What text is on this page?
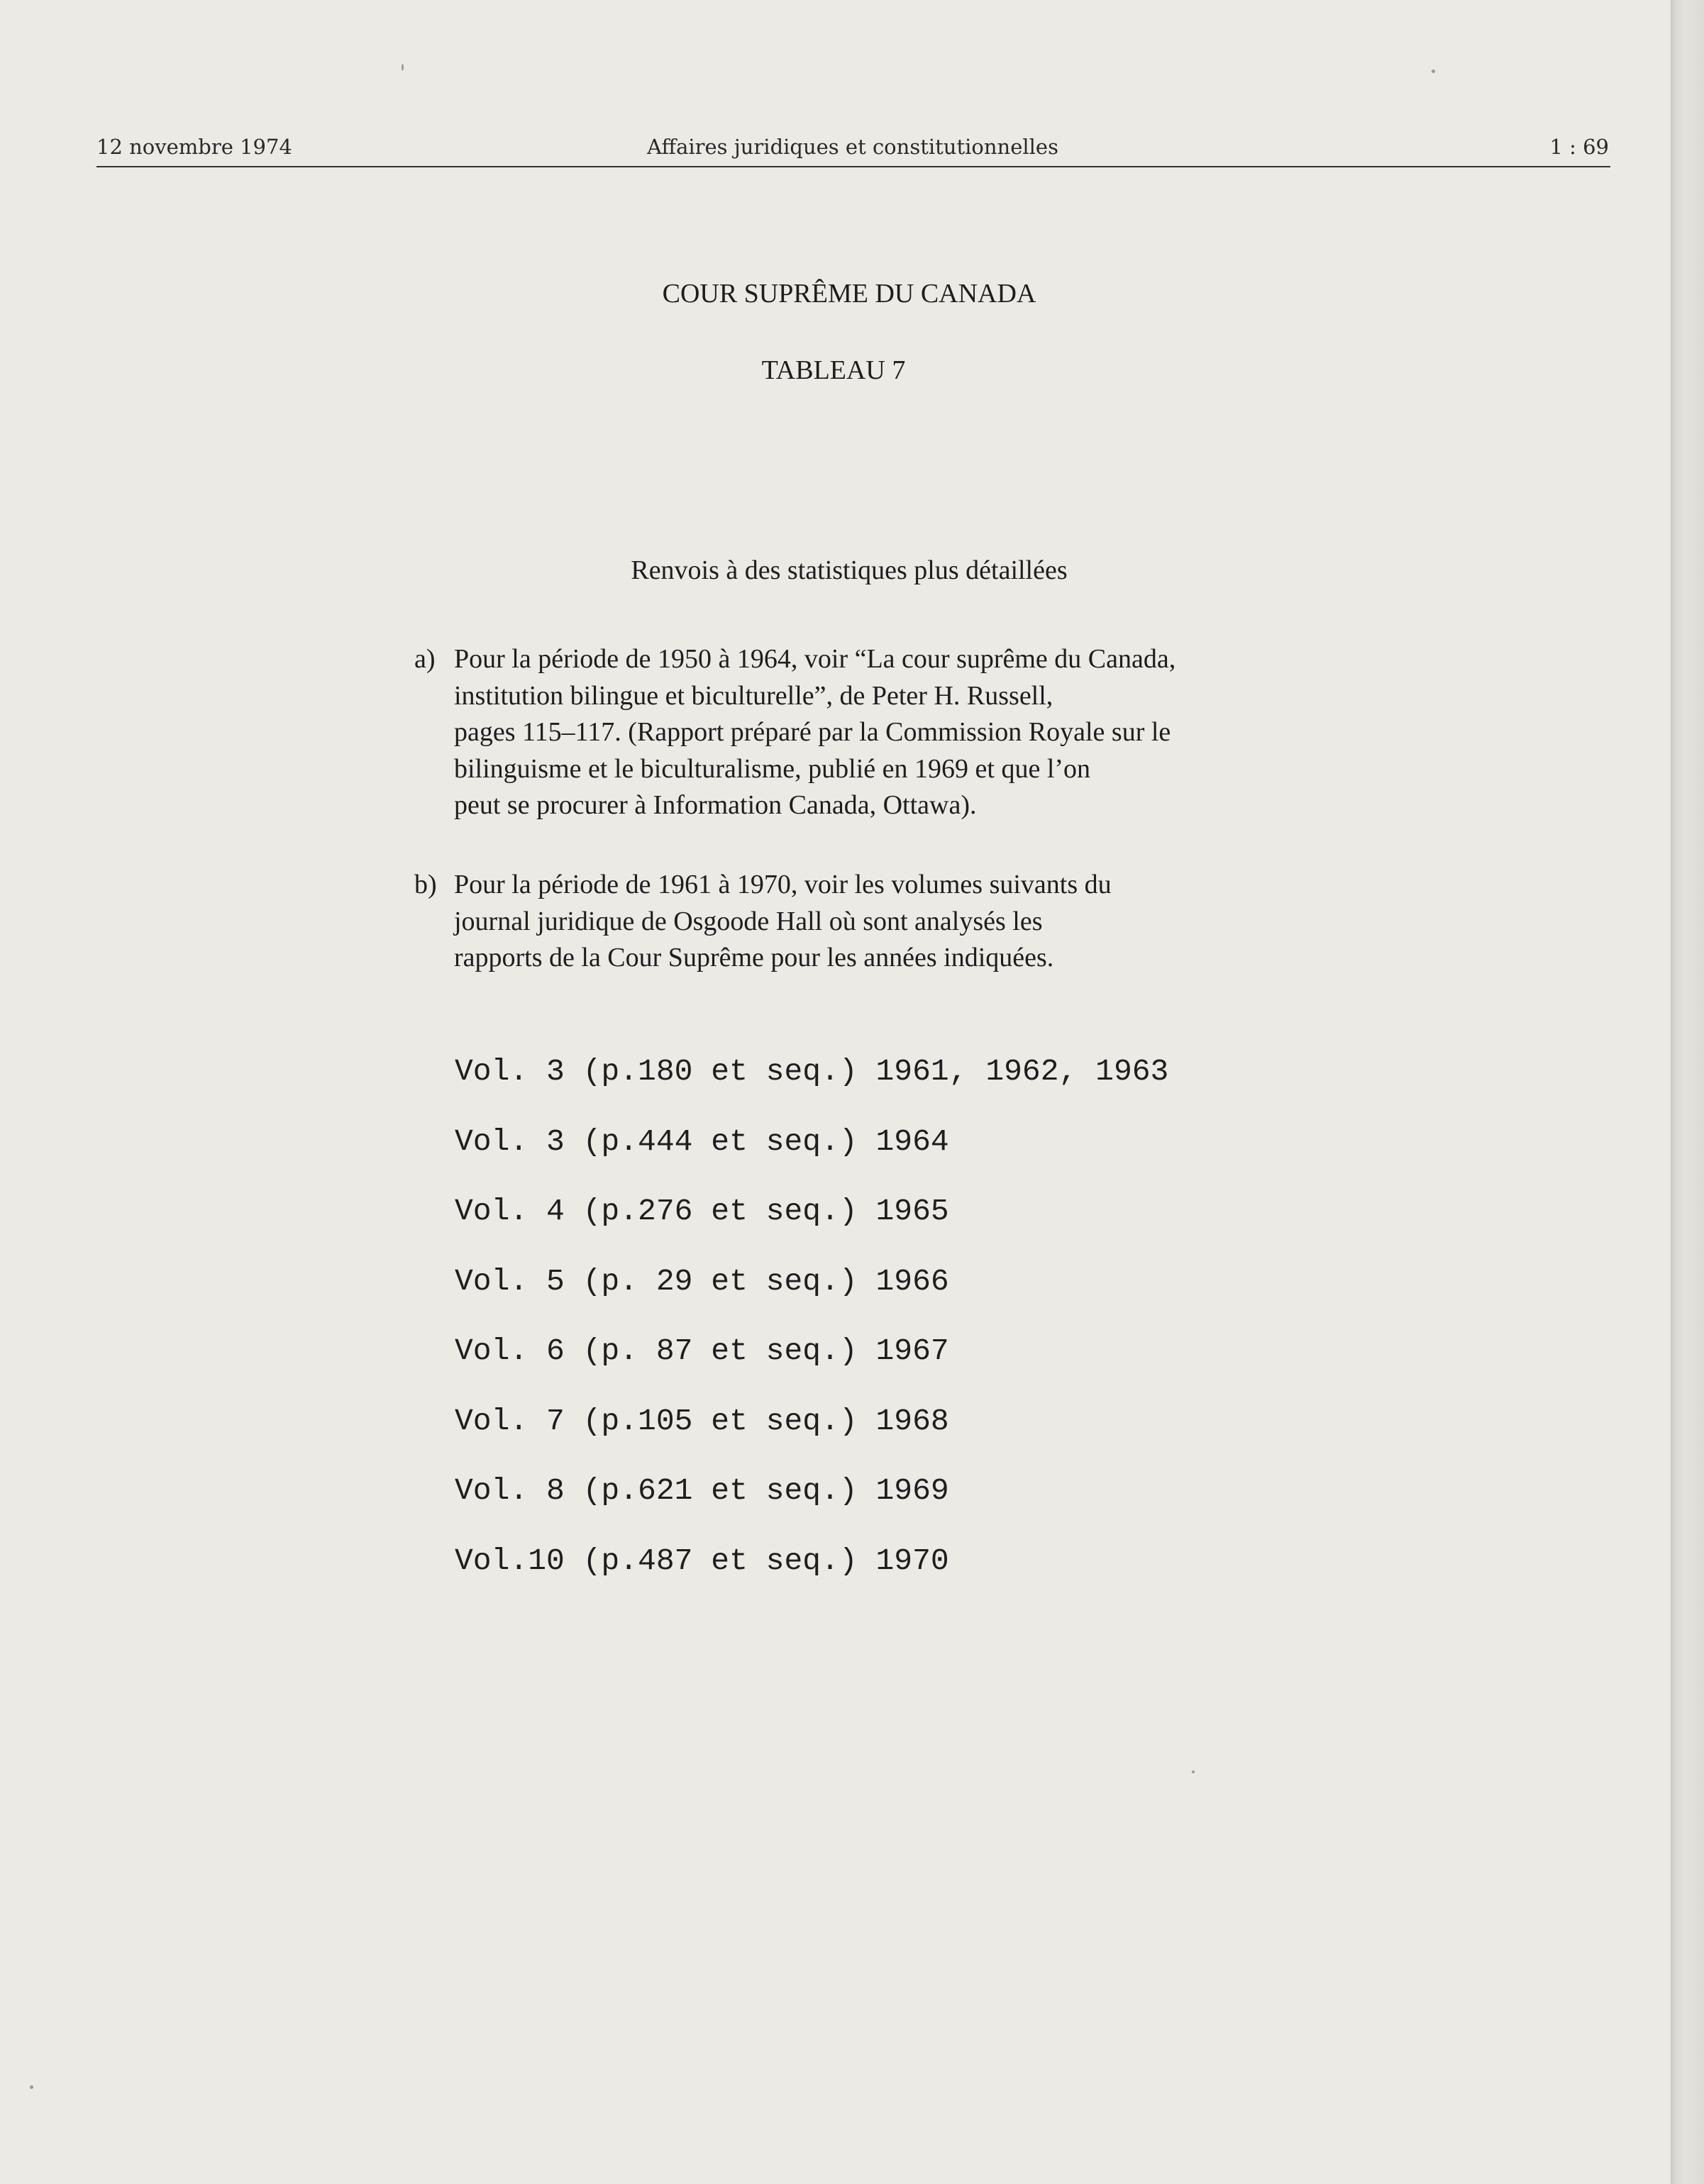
12 novembre 1974	Affaires juridiques et constitutionnelles	1 : 69
COUR SUPRÊME DU CANADA
TABLEAU 7
Renvois à des statistiques plus détaillées
a) Pour la période de 1950 à 1964, voir “La cour suprême du Canada,
institution bilingue et biculturelle”, de Peter H. Russell,
pages 115–117. (Rapport préparé par la Commission Royale sur le
bilinguisme et le biculturalisme, publié en 1969 et que l’on
peut se procurer à Information Canada, Ottawa).
b) Pour la période de 1961 à 1970, voir les volumes suivants du
journal juridique de Osgoode Hall où sont analysés les
rapports de la Cour Suprême pour les années indiquées.
Vol. 3 (p.180 et seq.) 1961, 1962, 1963
Vol. 3 (p.444 et seq.) 1964
Vol. 4 (p.276 et seq.) 1965
Vol. 5 (p. 29 et seq.) 1966
Vol. 6 (p. 87 et seq.) 1967
Vol. 7 (p.105 et seq.) 1968
Vol. 8 (p.621 et seq.) 1969
Vol.10 (p.487 et seq.) 1970
